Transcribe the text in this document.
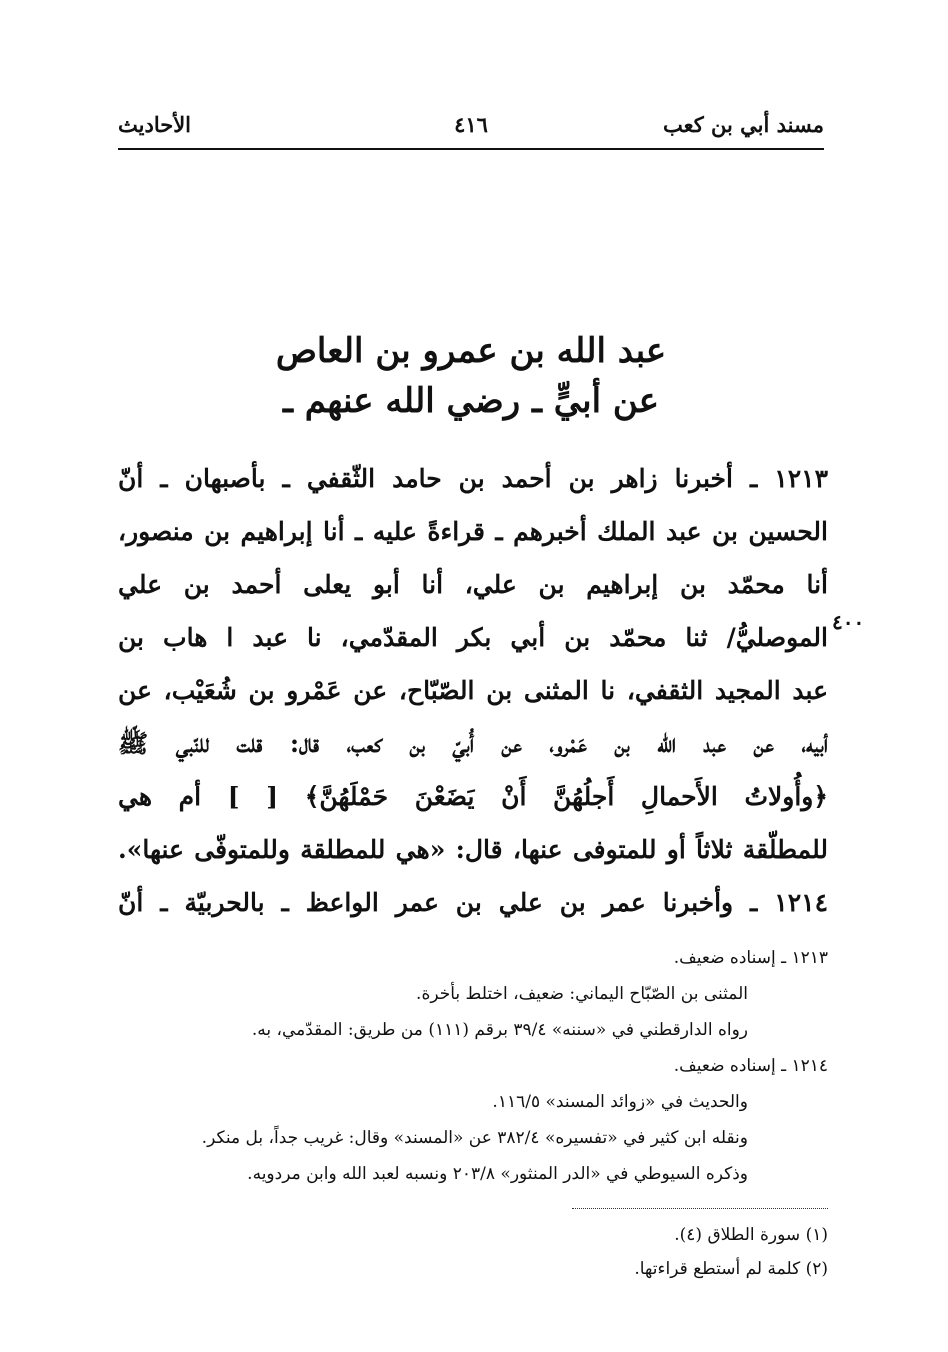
مسند أبي بن كعب
٤١٦
الأحاديث
عبد الله بن عمرو بن العاص
عن أبيٍّ ـ رضي الله عنهم ـ
٤٠٠
١٢١٣ ـ أخبرنا زاهر بن أحمد بن حامد الثّقفي ـ بأصبهان ـ أنّ
الحسين بن عبد الملك أخبرهم ـ قراءةً عليه ـ أنا إبراهيم بن منصور،
أنا محمّد بن إبراهيم بن علي، أنا أبو يعلى أحمد بن علي
الموصليُّ/ ثنا محمّد بن أبي بكر المقدّمي، نا عبد ا هاب بن
عبد المجيد الثقفي، نا المثنى بن الصّبّاح، عن عَمْرو بن شُعَيْب، عن
أبيه، عن عبد الله بن عَمْرو، عن أُبيّ بن كعب، قال: قلت للنّبي ﷺ
﴿وأُولاتُ الأَحمالِ أَجلُهُنَّ أَنْ يَضَعْنَ حَمْلَهُنَّ﴾ [ ] أم هي
للمطلّقة ثلاثاً أو للمتوفى عنها، قال: «هي للمطلقة وللمتوفّى عنها».
١٢١٤ ـ وأخبرنا عمر بن علي بن عمر الواعظ ـ بالحربيّة ـ أنّ
١٢١٣ ـ إسناده ضعيف.
المثنى بن الصّبّاح اليماني: ضعيف، اختلط بأخرة.
رواه الدارقطني في «سننه» ٣٩/٤ برقم (١١١) من طريق: المقدّمي، به.
١٢١٤ ـ إسناده ضعيف.
والحديث في «زوائد المسند» ١١٦/٥.
ونقله ابن كثير في «تفسيره» ٣٨٢/٤ عن «المسند» وقال: غريب جداً، بل منكر.
وذكره السيوطي في «الدر المنثور» ٢٠٣/٨ ونسبه لعبد الله وابن مردويه.
(١) سورة الطلاق (٤).
(٢) كلمة لم أستطع قراءتها.
